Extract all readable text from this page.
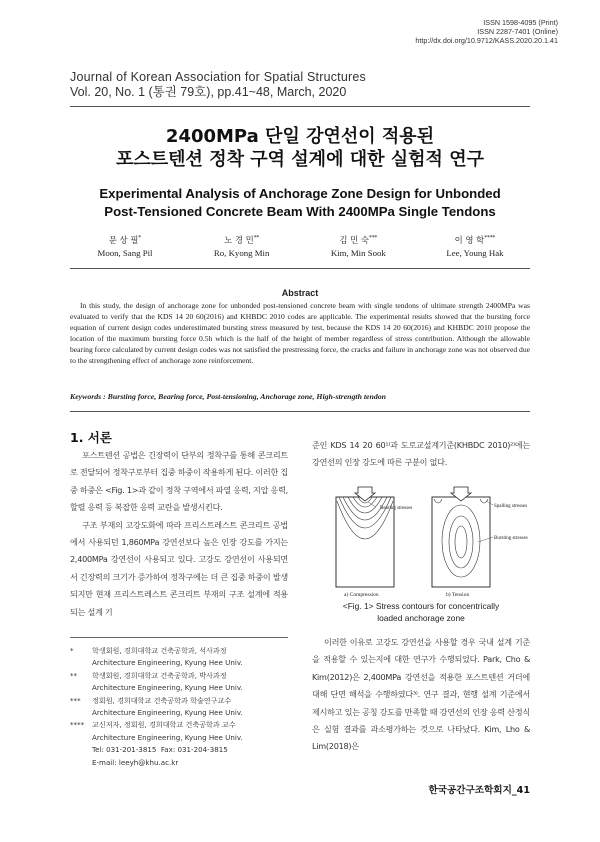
ISSN 1598-4095 (Print)
ISSN 2287-7401 (Online)
http://dx.doi.org/10.9712/KASS.2020.20.1.41
Journal of Korean Association for Spatial Structures
Vol. 20, No. 1 (통권 79호), pp.41~48, March, 2020
2400MPa 단일 강연선이 적용된
포스트텐션 정착 구역 설계에 대한 실험적 연구
Experimental Analysis of Anchorage Zone Design for Unbonded
Post-Tensioned Concrete Beam With 2400MPa Single Tendons
문 상 필*
Moon, Sang Pil
노 경 민**
Ro, Kyong Min
김 민 숙***
Kim, Min Sook
이 영 학****
Lee, Young Hak
Abstract
In this study, the design of anchorage zone for unbonded post-tensioned concrete beam with single tendons of ultimate strength 2400MPa was evaluated to verify that the KDS 14 20 60(2016) and KHBDC 2010 codes are applicable. The experimental results showed that the bursting force equation of current design codes underestimated bursting stress measured by test, because the KDS 14 20 60(2016) and KHBDC 2010 propose the location of the maximum bursting force 0.5h which is the half of the height of member regardless of stress contribution. Although the allowable bearing force calculated by current design codes was not satisfied the prestressing force, the cracks and failure in anchorage zone was not observed due to the strengthening effect of anchorage zone reinforcement.
Keywords : Bursting force, Bearing force, Post-tensioning, Anchorage zone, High-strength tendon
1. 서론

포스트텐션 공법은 긴장력이 단부의 정착구를 통해 콘크리트로 전달되어 정착구로부터 집중 하중이 작용하게 된다. 이러한 집중 하중은 <Fig. 1>과 같이 정착 구역에서 파열 응력, 지압 응력, 할렬 응력 등 복잡한 응력 교란을 발생시킨다.

구조 부재의 고강도화에 따라 프리스트레스트 콘크리트 공법에서 사용되던 1,860MPa 강연선보다 높은 인장 강도를 가지는 2,400MPa 강연선이 사용되고 있다. 고강도 강연선이 사용되면서 긴장력의 크기가 증가하여 정착구에는 더 큰 집중 하중이 발생되지만 현재 프리스트레스트 콘크리트 부재의 구조 설계에 적용되는 설계 기

준인 KDS 14 20 60¹⁾과 도로교설계기준(KHBDC 2010)²⁾에는 강연선의 인장 강도에 따른 구분이 없다.
Bearing stresses
a) Compression
Spalling stresses
Bursting stresses
b) Tension
<Fig. 1> Stress contours for concentrically
loaded anchorage zone

이러한 이유로 고강도 강연선을 사용할 경우 국내 설계 기준을 적용할 수 있는지에 대한 연구가 수행되었다. Park, Cho & Kim(2012)은 2,400MPa 강연선을 적용한 포스트텐션 거더에 대해 단면 해석을 수행하였다³⁾. 연구 결과, 현행 설계 기준에서 제시하고 있는 공칭 강도를 만족할 때 강연선의 인장 응력 산정식은 실험 결과를 과소평가하는 것으로 나타났다. Kim, Lho & Lim(2018)은

*	학생회원, 경희대학교 건축공학과, 석사과정
Architecture Engineering, Kyung Hee Univ.
**	학생회원, 경희대학교 건축공학과, 박사과정
Architecture Engineering, Kyung Hee Univ.
***	정회원, 경희대학교 건축공학과 학술연구교수
Architecture Engineering, Kyung Hee Univ.
****	교신저자, 정회원, 경희대학교 건축공학과 교수
Architecture Engineering, Kyung Hee Univ.
Tel: 031-201-3815 Fax: 031-204-3815
E-mail: leeyh@khu.ac.kr
한국공간구조학회지_41
